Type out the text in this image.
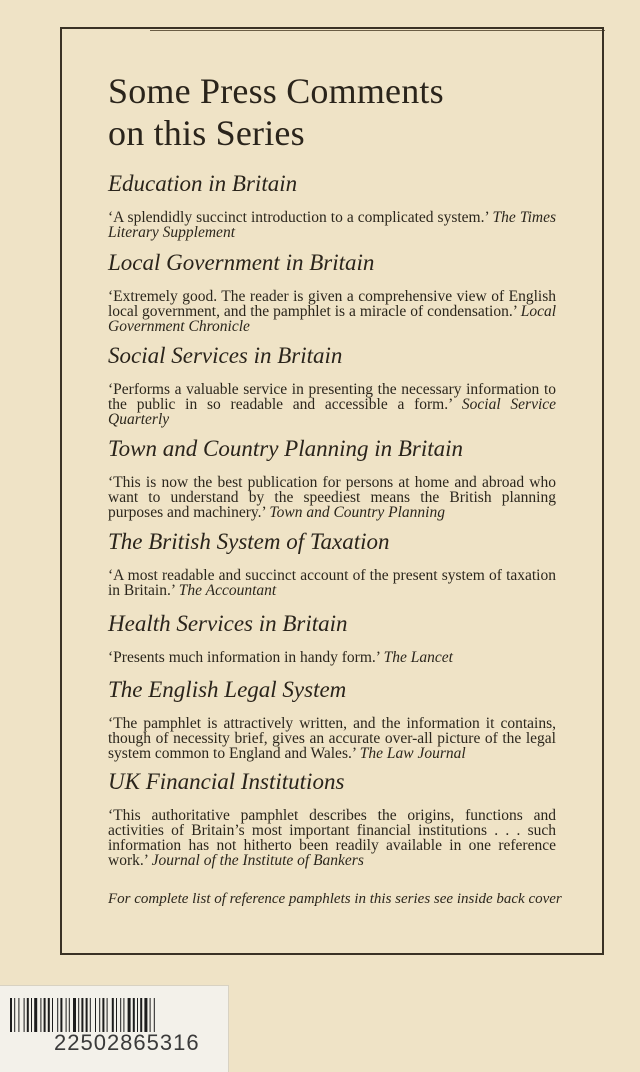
Some Press Comments
on this Series
Education in Britain

‘A splendidly succinct introduction to a complicated system.’ The Times Literary Supplement

Local Government in Britain

‘Extremely good. The reader is given a comprehensive view of English local government, and the pamphlet is a miracle of condensation.’ Local Government Chronicle

Social Services in Britain

‘Performs a valuable service in presenting the necessary information to the public in so readable and accessible a form.’ Social Service Quarterly

Town and Country Planning in Britain

‘This is now the best publication for persons at home and abroad who want to understand by the speediest means the British planning purposes and machinery.’ Town and Country Planning

The British System of Taxation

‘A most readable and succinct account of the present system of taxation in Britain.’ The Accountant

Health Services in Britain

‘Presents much information in handy form.’ The Lancet

The English Legal System

‘The pamphlet is attractively written, and the information it contains, though of necessity brief, gives an accurate over-all picture of the legal system common to England and Wales.’ The Law Journal

UK Financial Institutions

‘This authoritative pamphlet describes the origins, functions and activities of Britain’s most important financial institutions . . . such information has not hitherto been readily available in one reference work.’ Journal of the Institute of Bankers

For complete list of reference pamphlets in this series see inside back cover

22502865316
